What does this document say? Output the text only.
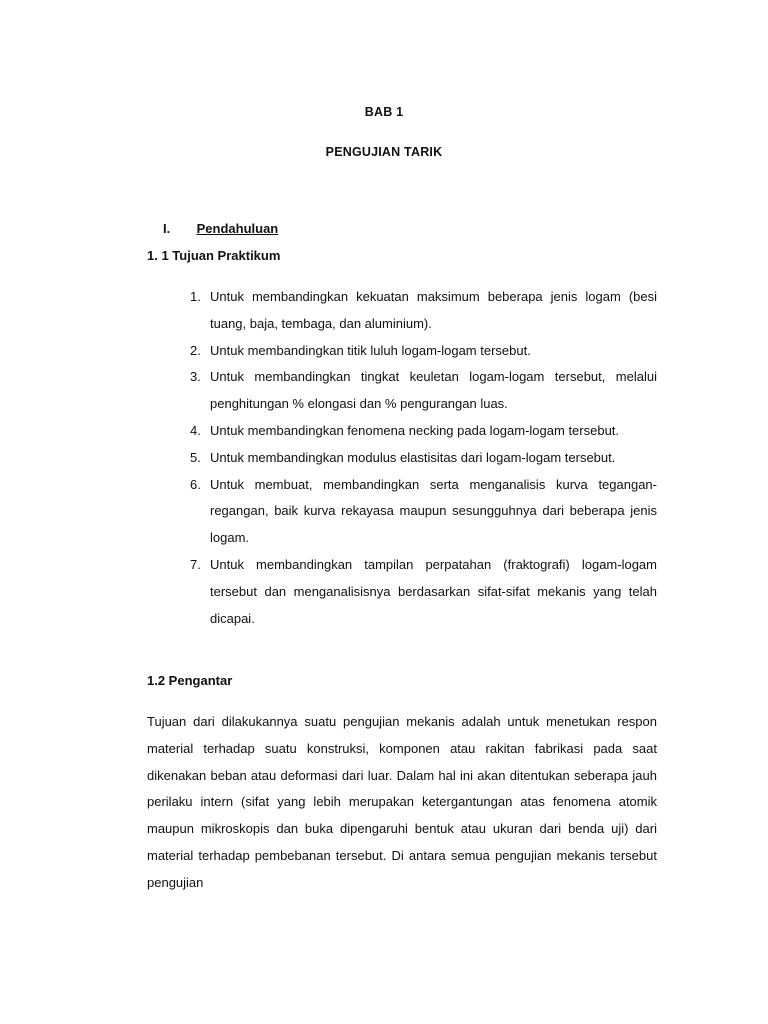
BAB 1
PENGUJIAN TARIK
I. Pendahuluan
1. 1 Tujuan Praktikum
1. Untuk membandingkan kekuatan maksimum beberapa jenis logam (besi tuang, baja, tembaga, dan aluminium).
2. Untuk membandingkan titik luluh logam-logam tersebut.
3. Untuk membandingkan tingkat keuletan logam-logam tersebut, melalui penghitungan % elongasi dan % pengurangan luas.
4. Untuk membandingkan fenomena necking pada logam-logam tersebut.
5. Untuk membandingkan modulus elastisitas dari logam-logam tersebut.
6. Untuk membuat, membandingkan serta menganalisis kurva tegangan-regangan, baik kurva rekayasa maupun sesungguhnya dari beberapa jenis logam.
7. Untuk membandingkan tampilan perpatahan (fraktografi) logam-logam tersebut dan menganalisisnya berdasarkan sifat-sifat mekanis yang telah dicapai.
1.2 Pengantar

Tujuan dari dilakukannya suatu pengujian mekanis adalah untuk menetukan respon material terhadap suatu konstruksi, komponen atau rakitan fabrikasi pada saat dikenakan beban atau deformasi dari luar. Dalam hal ini akan ditentukan seberapa jauh perilaku intern (sifat yang lebih merupakan ketergantungan atas fenomena atomik maupun mikroskopis dan buka dipengaruhi bentuk atau ukuran dari benda uji) dari material terhadap pembebanan tersebut. Di antara semua pengujian mekanis tersebut pengujian
